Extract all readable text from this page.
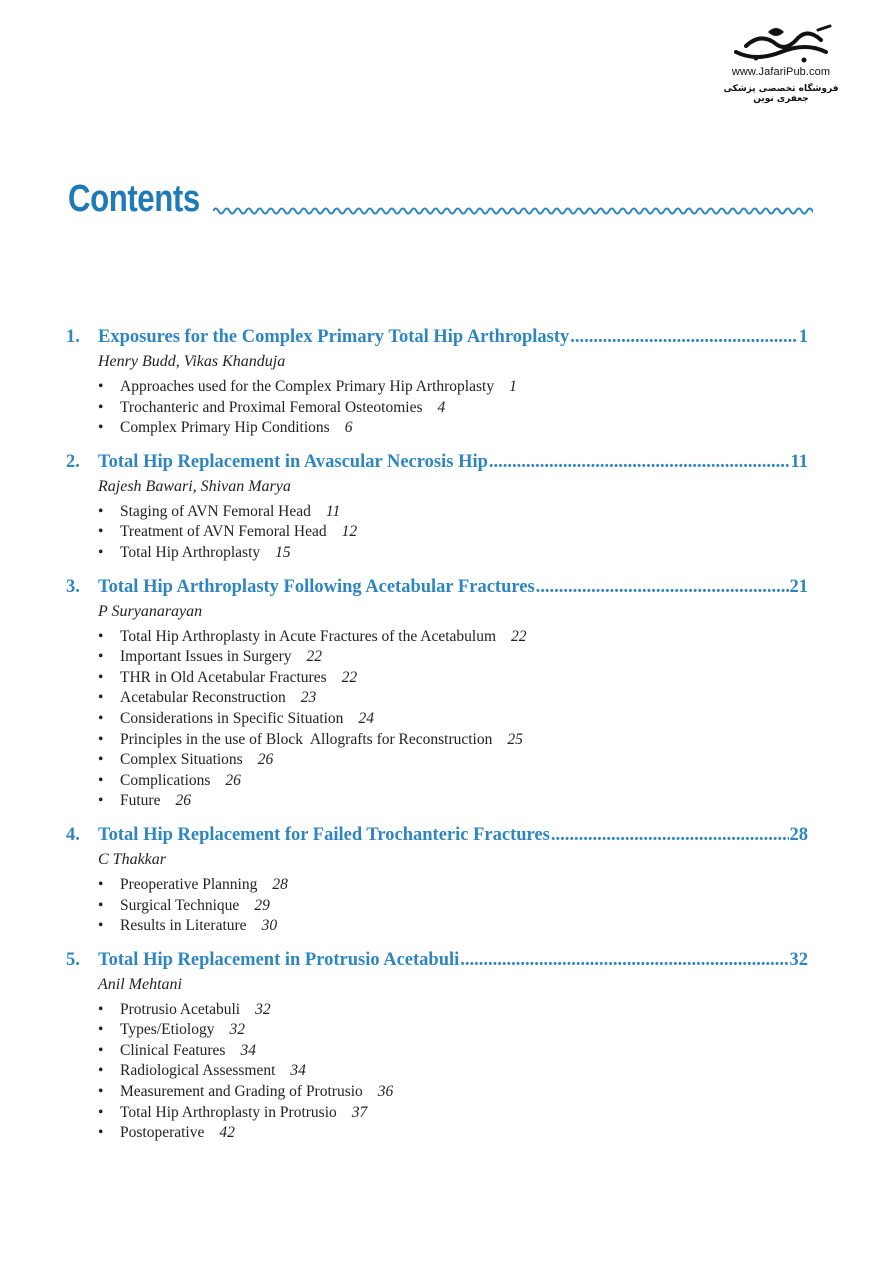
www.JafariPub.com
فروشگاه تخصصی پزشکی جعفری نوین
Contents
1. Exposures for the Complex Primary Total Hip Arthroplasty .....	1
Henry Budd, Vikas Khanduja
• Approaches used for the Complex Primary Hip Arthroplasty 1
• Trochanteric and Proximal Femoral Osteotomies 4
• Complex Primary Hip Conditions 6
2. Total Hip Replacement in Avascular Necrosis Hip .....	11
Rajesh Bawari, Shivan Marya
• Staging of AVN Femoral Head 11
• Treatment of AVN Femoral Head 12
• Total Hip Arthroplasty 15
3. Total Hip Arthroplasty Following Acetabular Fractures .....	21
P Suryanarayan
• Total Hip Arthroplasty in Acute Fractures of the Acetabulum 22
• Important Issues in Surgery 22
• THR in Old Acetabular Fractures 22
• Acetabular Reconstruction 23
• Considerations in Specific Situation 24
• Principles in the use of Block  Allografts for Reconstruction 25
• Complex Situations 26
• Complications 26
• Future 26
4. Total Hip Replacement for Failed Trochanteric Fractures .....	28
C Thakkar
• Preoperative Planning 28
• Surgical Technique 29
• Results in Literature 30
5. Total Hip Replacement in Protrusio Acetabuli .....	32
Anil Mehtani
• Protrusio Acetabuli 32
• Types/Etiology 32
• Clinical Features 34
• Radiological Assessment 34
• Measurement and Grading of Protrusio 36
• Total Hip Arthroplasty in Protrusio 37
• Postoperative 42
